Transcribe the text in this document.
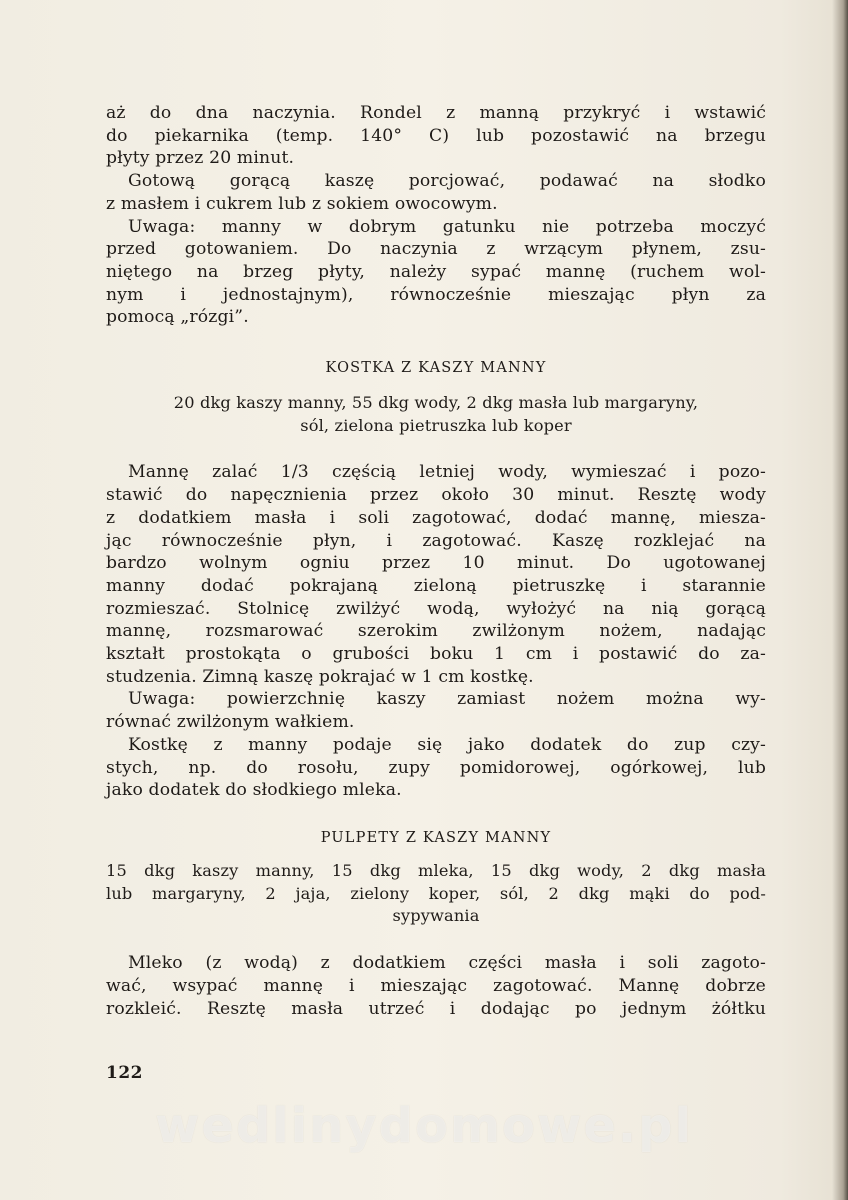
aż do dna naczynia. Rondel z manną przykryć i wstawić
do piekarnika (temp. 140° C) lub pozostawić na brzegu
płyty przez 20 minut.
Gotową gorącą kaszę porcjować, podawać na słodko
z masłem i cukrem lub z sokiem owocowym.
Uwaga: manny w dobrym gatunku nie potrzeba moczyć
przed gotowaniem. Do naczynia z wrzącym płynem, zsu-
niętego na brzeg płyty, należy sypać mannę (ruchem wol-
nym i jednostajnym), równocześnie mieszając płyn za
pomocą „rózgi”.
KOSTKA Z KASZY MANNY
20 dkg kaszy manny, 55 dkg wody, 2 dkg masła lub margaryny,
sól, zielona pietruszka lub koper
Mannę zalać 1/3 częścią letniej wody, wymieszać i pozo-
stawić do napęcznienia przez około 30 minut. Resztę wody
z dodatkiem masła i soli zagotować, dodać mannę, miesza-
jąc równocześnie płyn, i zagotować. Kaszę rozklejać na
bardzo wolnym ogniu przez 10 minut. Do ugotowanej
manny dodać pokrajaną zieloną pietruszkę i starannie
rozmieszać. Stolnicę zwilżyć wodą, wyłożyć na nią gorącą
mannę, rozsmarować szerokim zwilżonym nożem, nadając
kształt prostokąta o grubości boku 1 cm i postawić do za-
studzenia. Zimną kaszę pokrajać w 1 cm kostkę.
Uwaga: powierzchnię kaszy zamiast nożem można wy-
równać zwilżonym wałkiem.
Kostkę z manny podaje się jako dodatek do zup czy-
stych, np. do rosołu, zupy pomidorowej, ogórkowej, lub
jako dodatek do słodkiego mleka.
PULPETY Z KASZY MANNY
15 dkg kaszy manny, 15 dkg mleka, 15 dkg wody, 2 dkg masła
lub margaryny, 2 jaja, zielony koper, sól, 2 dkg mąki do pod-
sypywania
Mleko (z wodą) z dodatkiem części masła i soli zagoto-
wać, wsypać mannę i mieszając zagotować. Mannę dobrze
rozkleić. Resztę masła utrzeć i dodając po jednym żółtku
122
wedlinydomowe.pl
